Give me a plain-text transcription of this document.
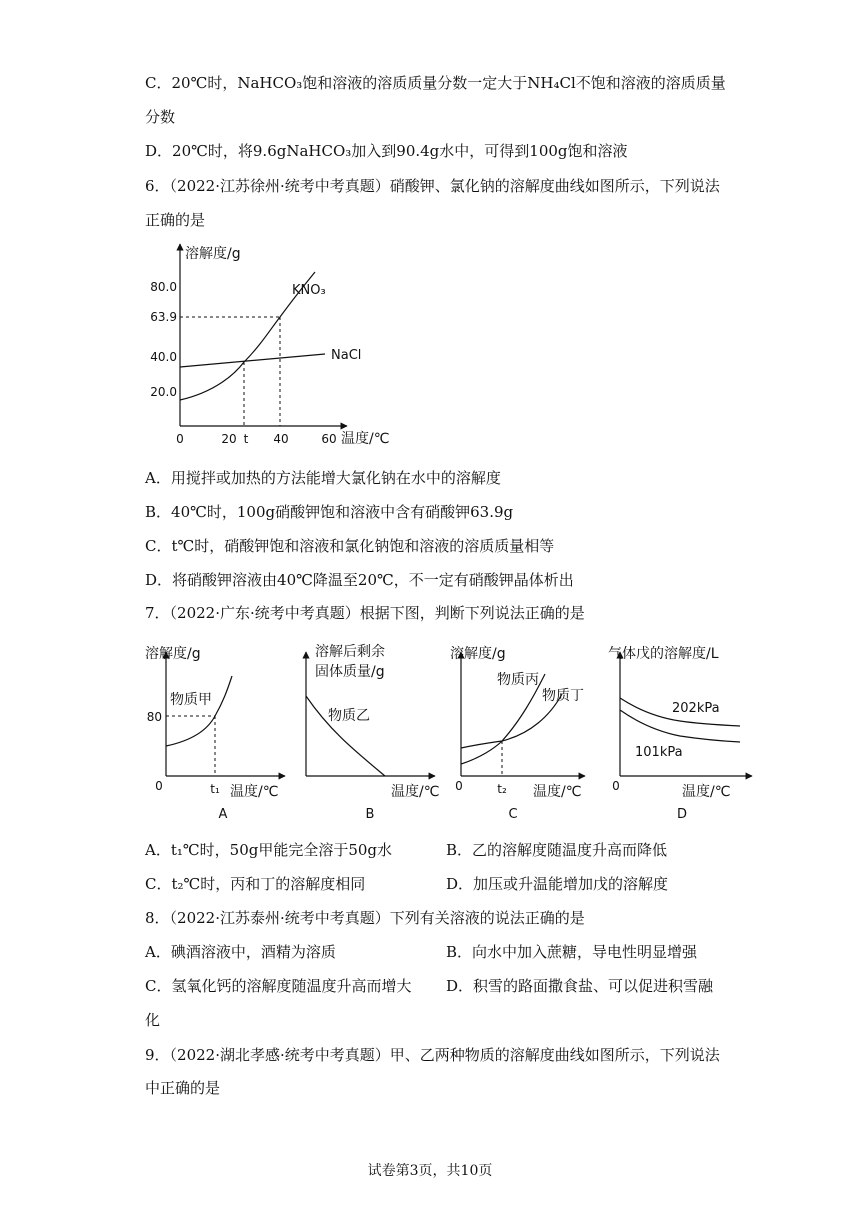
C．20℃时，NaHCO₃饱和溶液的溶质质量分数一定大于NH₄Cl不饱和溶液的溶质质量
分数
D．20℃时，将9.6gNaHCO₃加入到90.4g水中，可得到100g饱和溶液
6．（2022·江苏徐州·统考中考真题）硝酸钾、氯化钠的溶解度曲线如图所示，下列说法
正确的是
溶解度/g
温度/℃
80.0
63.9
40.0
20.0
0	20 t 40	60
KNO₃
NaCl
A．用搅拌或加热的方法能增大氯化钠在水中的溶解度
B．40℃时，100g硝酸钾饱和溶液中含有硝酸钾63.9g
C．t℃时，硝酸钾饱和溶液和氯化钠饱和溶液的溶质质量相等
D．将硝酸钾溶液由40℃降温至20℃，不一定有硝酸钾晶体析出
7．（2022·广东·统考中考真题）根据下图，判断下列说法正确的是
溶解度/g
物质甲
80
0	t₁ 温度/℃
A
溶解后剩余
固体质量/g
物质乙
温度/℃
B
溶解度/g
物质丙
物质丁
0	t₂ 温度/℃
C
气体戊的溶解度/L
202kPa
101kPa
0	温度/℃
D
A．t₁℃时，50g甲能完全溶于50g水	B．乙的溶解度随温度升高而降低
C．t₂℃时，丙和丁的溶解度相同	D．加压或升温能增加戊的溶解度
8．（2022·江苏泰州·统考中考真题）下列有关溶液的说法正确的是
A．碘酒溶液中，酒精为溶质	B．向水中加入蔗糖，导电性明显增强
C．氢氧化钙的溶解度随温度升高而增大 D．积雪的路面撒食盐、可以促进积雪融
化
9．（2022·湖北孝感·统考中考真题）甲、乙两种物质的溶解度曲线如图所示，下列说法
中正确的是
试卷第3页，共10页
